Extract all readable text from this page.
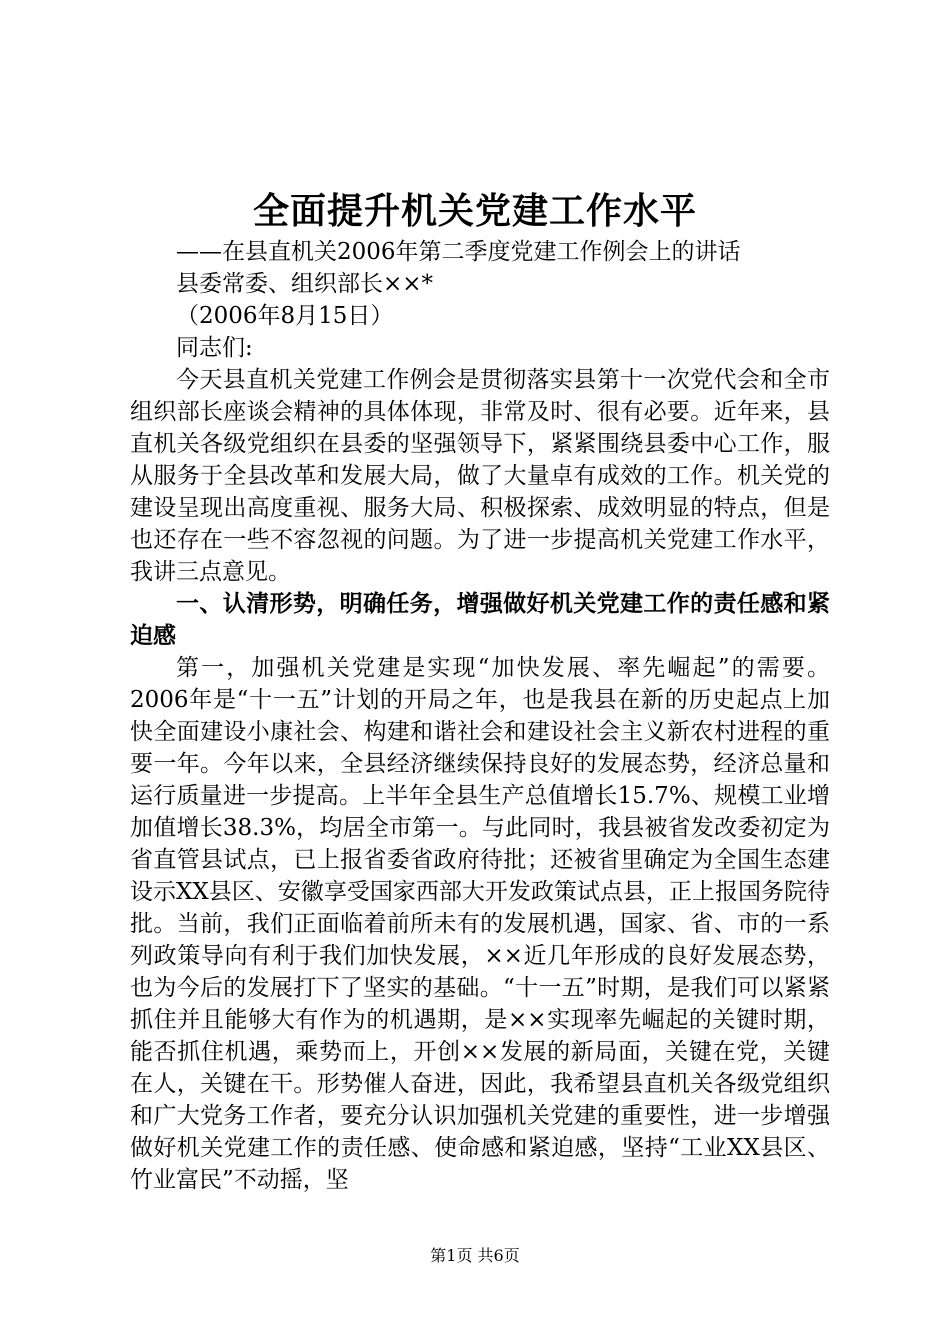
全面提升机关党建工作水平

——在县直机关2006年第二季度党建工作例会上的讲话

县委常委、组织部长××*

（2006年8月15日）

同志们:

今天县直机关党建工作例会是贯彻落实县第十一次党代会和全市组织部长座谈会精神的具体体现，非常及时、很有必要。近年来，县直机关各级党组织在县委的坚强领导下，紧紧围绕县委中心工作，服从服务于全县改革和发展大局，做了大量卓有成效的工作。机关党的建设呈现出高度重视、服务大局、积极探索、成效明显的特点，但是也还存在一些不容忽视的问题。为了进一步提高机关党建工作水平，我讲三点意见。

一、认清形势，明确任务，增强做好机关党建工作的责任感和紧迫感

第一，加强机关党建是实现“加快发展、率先崛起”的需要。2006年是“十一五”计划的开局之年，也是我县在新的历史起点上加快全面建设小康社会、构建和谐社会和建设社会主义新农村进程的重要一年。今年以来，全县经济继续保持良好的发展态势，经济总量和运行质量进一步提高。上半年全县生产总值增长15.7%、规模工业增加值增长38.3%，均居全市第一。与此同时，我县被省发改委初定为省直管县试点，已上报省委省政府待批；还被省里确定为全国生态建设示XX县区、安徽享受国家西部大开发政策试点县，正上报国务院待批。当前，我们正面临着前所未有的发展机遇，国家、省、市的一系列政策导向有利于我们加快发展，××近几年形成的良好发展态势，也为今后的发展打下了坚实的基础。“十一五”时期，是我们可以紧紧抓住并且能够大有作为的机遇期，是××实现率先崛起的关键时期，能否抓住机遇，乘势而上，开创××发展的新局面，关键在党，关键在人，关键在干。形势催人奋进，因此，我希望县直机关各级党组织和广大党务工作者，要充分认识加强机关党建的重要性，进一步增强做好机关党建工作的责任感、使命感和紧迫感，坚持“工业XX县区、竹业富民”不动摇，坚

第1页 共6页
